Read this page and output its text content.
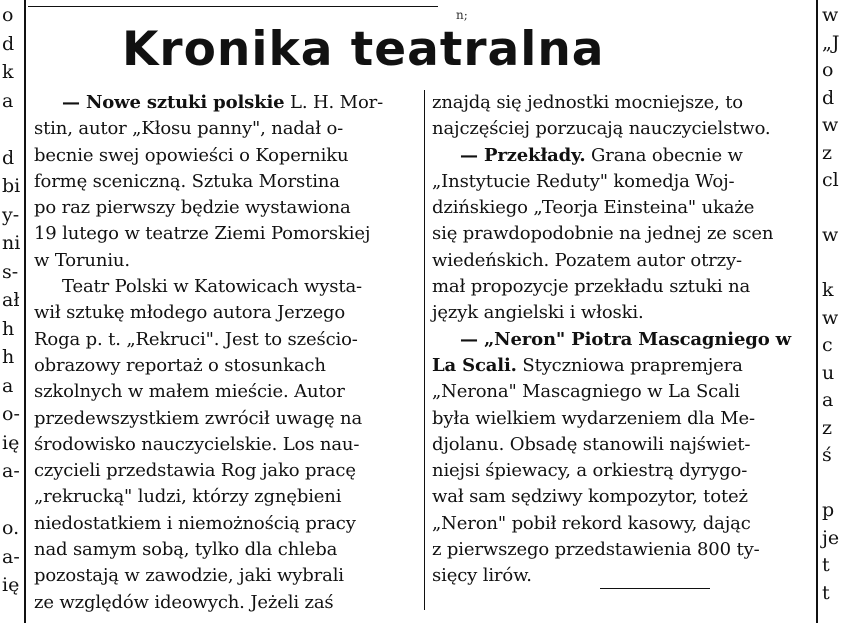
o
d
k
a
d
bi
y-
ni
s-
ał
h
h
a
o-
ię
a-
o.
a-
ię
n;
Kronika teatralna
— Nowe sztuki polskie L. H. Mor-
stin, autor „Kłosu panny", nadał o-
becnie swej opowieści o Koperniku
formę sceniczną. Sztuka Morstina
po raz pierwszy będzie wystawiona
19 lutego w teatrze Ziemi Pomorskiej
w Toruniu.
Teatr Polski w Katowicach wysta-
wił sztukę młodego autora Jerzego
Roga p. t. „Rekruci". Jest to sześcio-
obrazowy reportaż o stosunkach
szkolnych w małem mieście. Autor
przedewszystkiem zwrócił uwagę na
środowisko nauczycielskie. Los nau-
czycieli przedstawia Rog jako pracę
„rekrucką" ludzi, którzy zgnębieni
niedostatkiem i niemożnością pracy
nad samym sobą, tylko dla chleba
pozostają w zawodzie, jaki wybrali
ze względów ideowych. Jeżeli zaś
znajdą się jednostki mocniejsze, to
najczęściej porzucają nauczycielstwo.
— Przekłady. Grana obecnie w
„Instytucie Reduty" komedja Woj-
dzińskiego „Teorja Einsteina" ukaże
się prawdopodobnie na jednej ze scen
wiedeńskich. Pozatem autor otrzy-
mał propozycje przekładu sztuki na
język angielski i włoski.
— „Neron" Piotra Mascagniego w
La Scali. Styczniowa prapremjera
„Nerona" Mascagniego w La Scali
była wielkiem wydarzeniem dla Me-
djolanu. Obsadę stanowili najświet-
niejsi śpiewacy, a orkiestrą dyrygo-
wał sam sędziwy kompozytor, toteż
„Neron" pobił rekord kasowy, dając
z pierwszego przedstawienia 800 ty-
sięcy lirów.
w
„J
o
d
w
z
cl
w
k
w
c
u
a
z
ś
p
je
t
t
